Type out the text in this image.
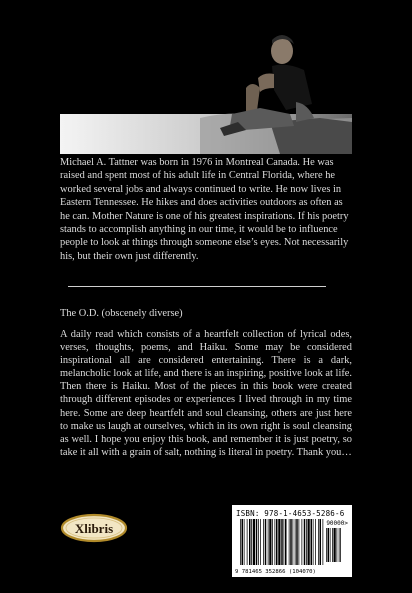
Michael A. Tattner was born in 1976 in Montreal Canada. He was raised and spent most of his adult life in Central Florida, where he worked several jobs and always continued to write. He now lives in Eastern Tennessee. He hikes and does activities outdoors as often as he can. Mother Nature is one of his greatest inspirations. If his poetry stands to accomplish anything in our time, it would be to influence people to look at things through someone else’s eyes. Not necessarily his, but their own just differently.

The O.D. (obscenely diverse)

A daily read which consists of a heartfelt collection of lyrical odes, verses, thoughts, poems, and Haiku. Some may be considered inspirational all are considered entertaining. There is a dark, melancholic look at life, and there is an inspiring, positive look at life. Then there is Haiku. Most of the pieces in this book were created through different episodes or experiences I lived through in my time here. Some are deep heartfelt and soul cleansing, others are just here to make us laugh at ourselves, which in its own right is soul cleansing as well. I hope you enjoy this book, and remember it is just poetry, so take it all with a grain of salt, nothing is literal in poetry. Thank you…

Xlibris
ISBN: 978-1-4653-5286-6
90000>
9 781465 352866 (104070)
